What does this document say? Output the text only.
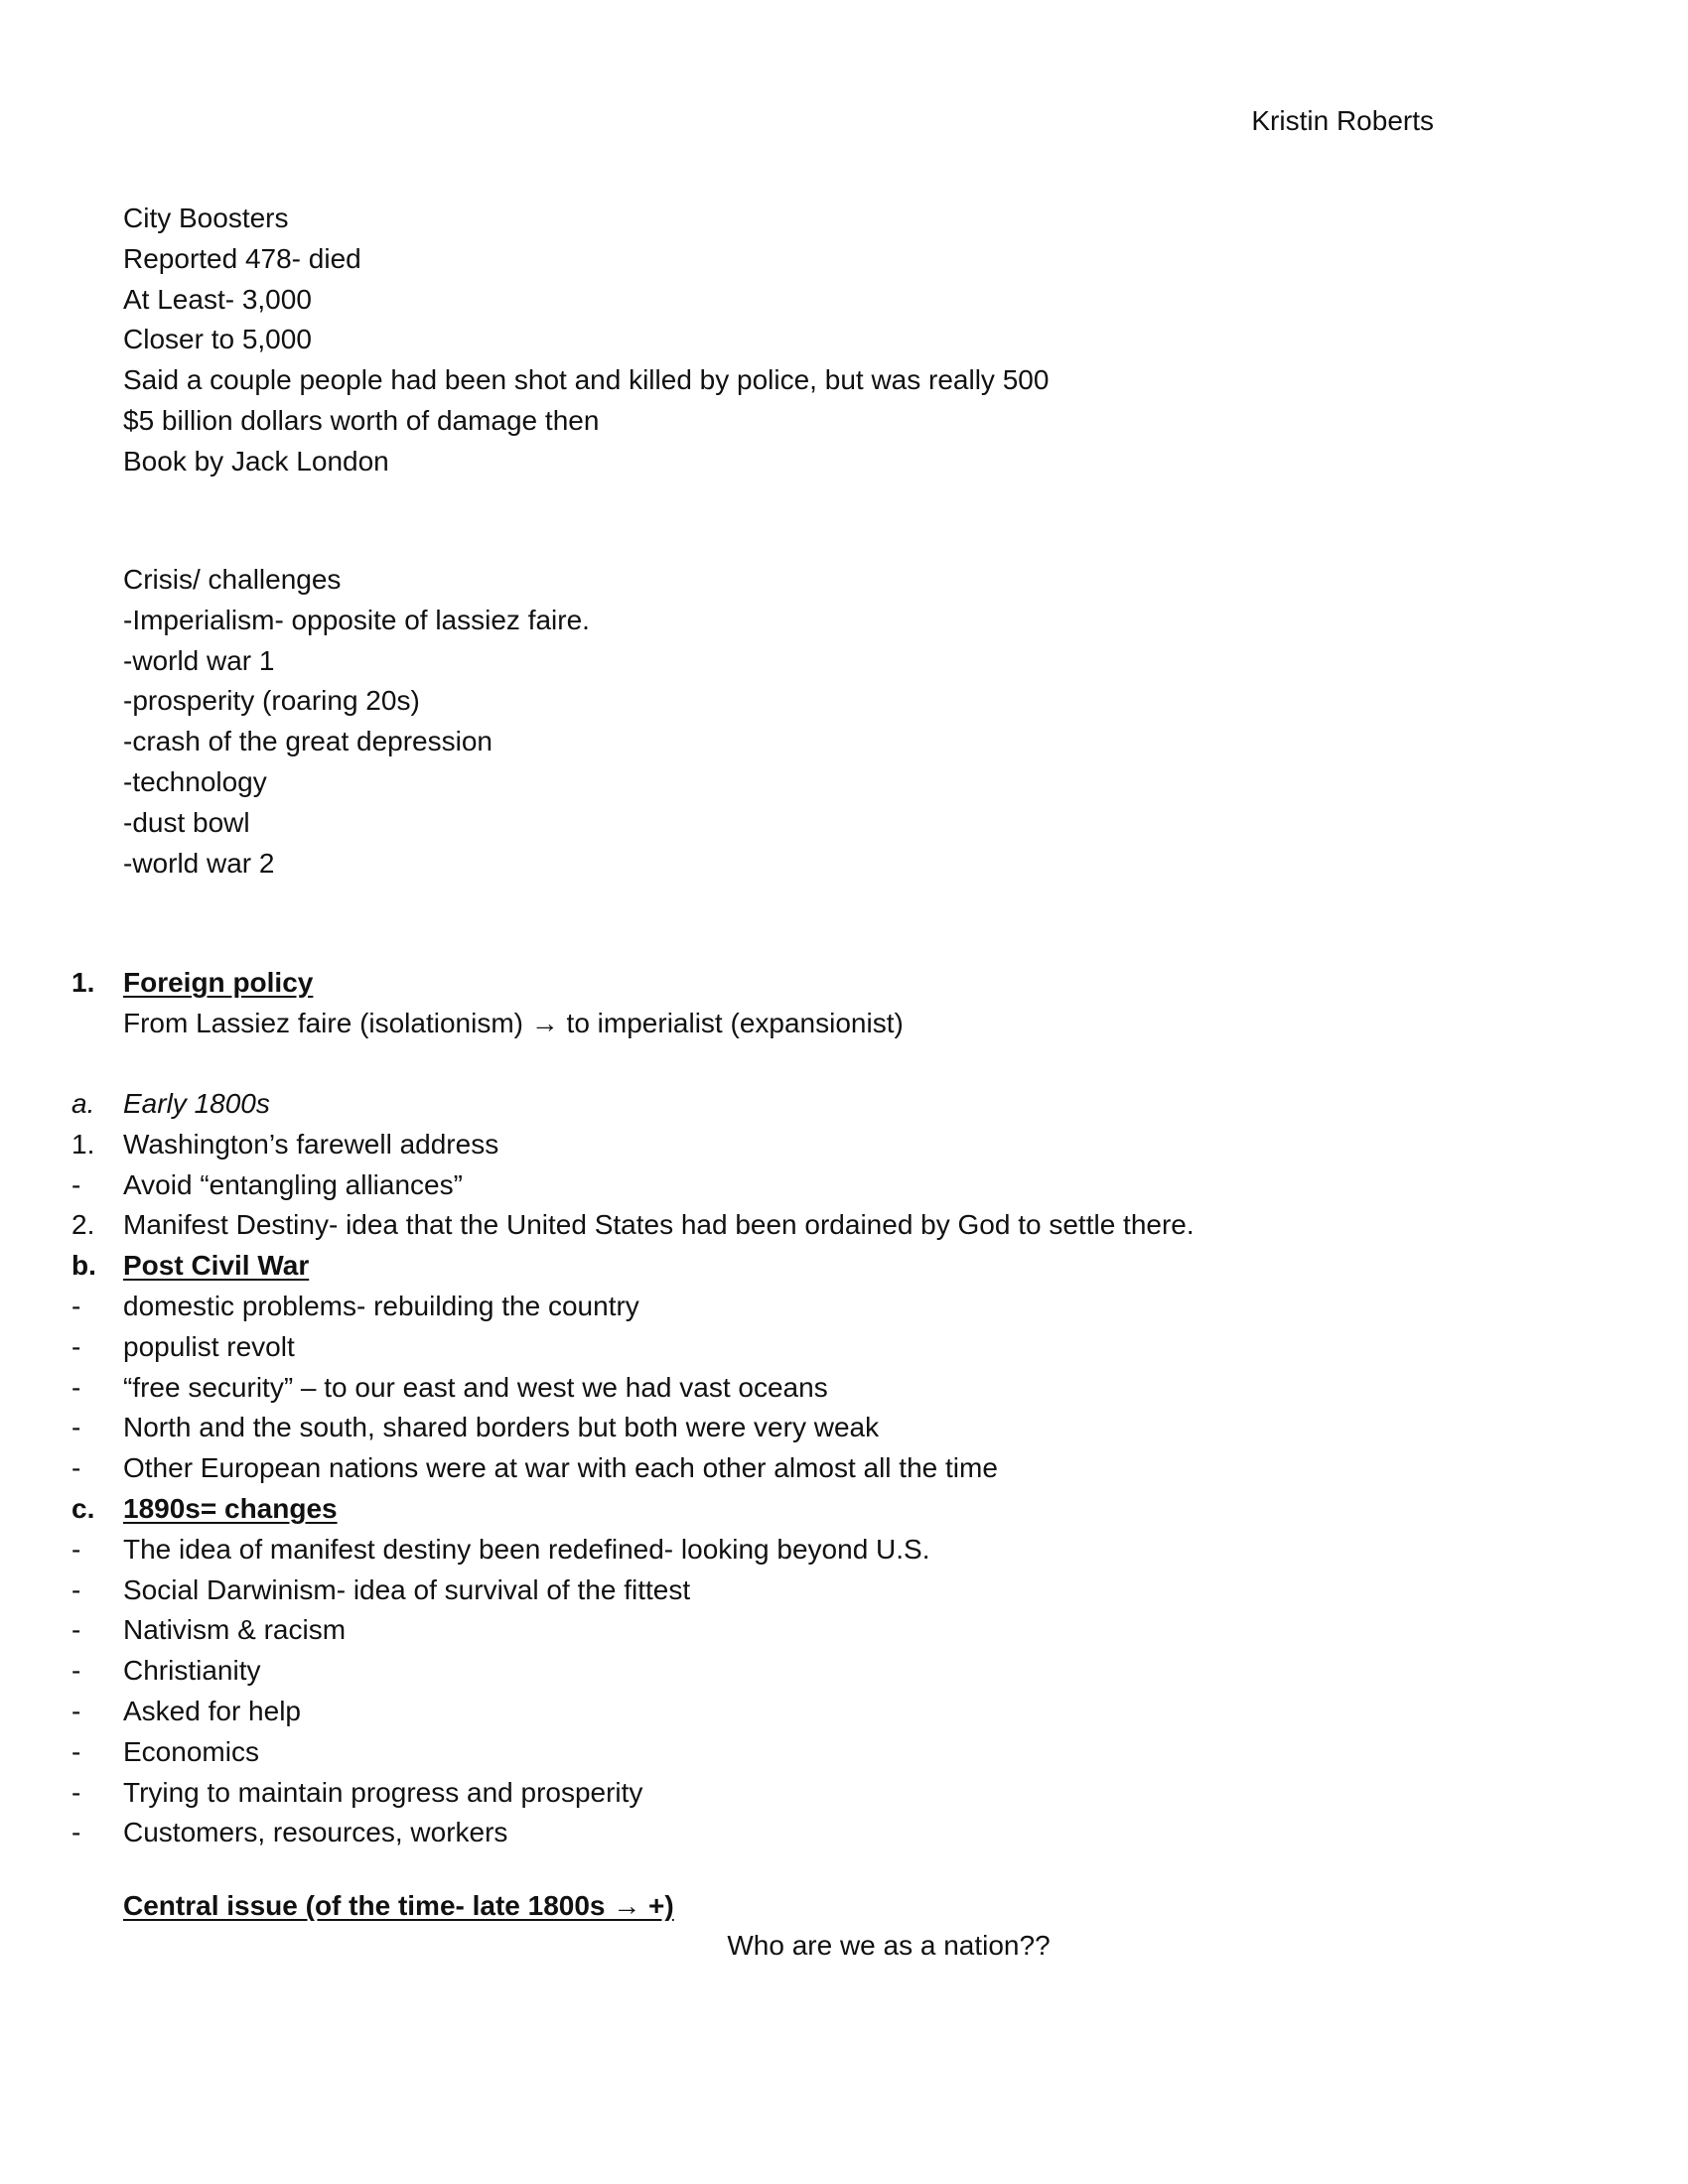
Kristin Roberts
City Boosters
Reported 478- died
At Least- 3,000
Closer to 5,000
Said a couple people had been shot and killed by police, but was really 500
$5 billion dollars worth of damage then
Book by Jack London
Crisis/ challenges
-Imperialism- opposite of lassiez faire.
-world war 1
-prosperity (roaring 20s)
-crash of the great depression
-technology
-dust bowl
-world war 2
1.	Foreign policy
From Lassiez faire (isolationism) → to imperialist (expansionist)
a.	Early 1800s
1.	Washington’s farewell address
-	Avoid “entangling alliances”
2.	Manifest Destiny- idea that the United States had been ordained by God to settle there.
b. Post Civil War
-	domestic problems- rebuilding the country
-	populist revolt
-	“free security” – to our east and west we had vast oceans
-	North and the south, shared borders but both were very weak
-	Other European nations were at war with each other almost all the time
c.	1890s= changes
-	The idea of manifest destiny been redefined- looking beyond U.S.
-	Social Darwinism- idea of survival of the fittest
-	Nativism & racism
-	Christianity
-	Asked for help
-	Economics
-	Trying to maintain progress and prosperity
-	Customers, resources, workers
Central issue (of the time- late 1800s → +)
Who are we as a nation??
